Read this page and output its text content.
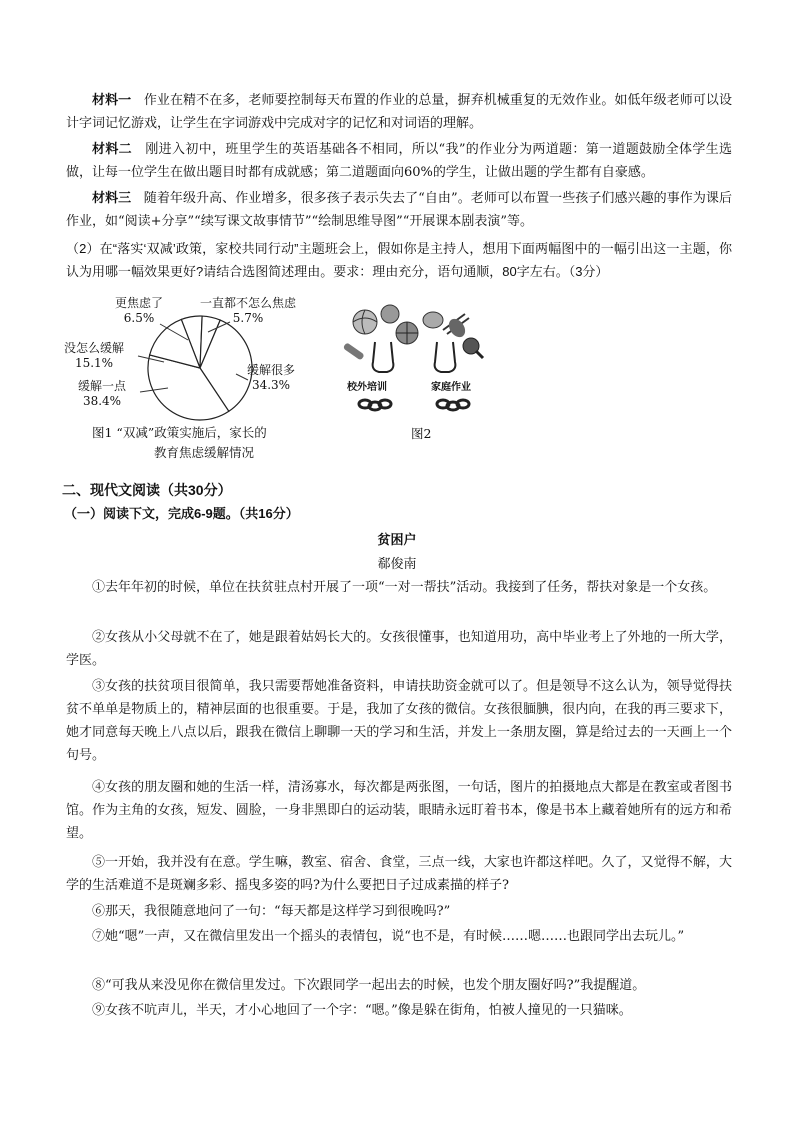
材料一 作业在精不在多，老师要控制每天布置的作业的总量，摒弃机械重复的无效作业。如低年级老师可以设计字词记忆游戏，让学生在字词游戏中完成对字的记忆和对词语的理解。

材料二 刚进入初中，班里学生的英语基础各不相同，所以“我”的作业分为两道题：第一道题鼓励全体学生选做，让每一位学生在做出题目时都有成就感；第二道题面向60%的学生，让做出题的学生都有自豪感。

材料三 随着年级升高、作业增多，很多孩子表示失去了“自由”。老师可以布置一些孩子们感兴趣的事作为课后作业，如“阅读+分享”“续写课文故事情节”“绘制思维导图”“开展课本剧表演”等。

（2）在“落实‘双减’政策，家校共同行动”主题班会上，假如你是主持人，想用下面两幅图中的一幅引出这一主题，你认为用哪一幅效果更好?请结合选图简述理由。要求：理由充分，语句通顺，80字左右。（3分）

更焦虑了
6.5%
一直都不怎么焦虑
5.7%
缓解很多
34.3%
缓解一点
38.4%
没怎么缓解
15.1%
图1 “双减”政策实施后，家长的
教育焦虑缓解情况
校外培训	家庭作业
图2
二、现代文阅读（共30分）
（一）阅读下文，完成6-9题。（共16分）
贫困户
郗俊南

①去年年初的时候，单位在扶贫驻点村开展了一项“一对一帮扶”活动。我接到了任务，帮扶对象是一个女孩。

②女孩从小父母就不在了，她是跟着姑妈长大的。女孩很懂事，也知道用功，高中毕业考上了外地的一所大学，学医。

③女孩的扶贫项目很简单，我只需要帮她准备资料，申请扶助资金就可以了。但是领导不这么认为，领导觉得扶贫不单单是物质上的，精神层面的也很重要。于是，我加了女孩的微信。女孩很腼腆，很内向，在我的再三要求下，她才同意每天晚上八点以后，跟我在微信上聊聊一天的学习和生活，并发上一条朋友圈，算是给过去的一天画上一个句号。

④女孩的朋友圈和她的生活一样，清汤寡水，每次都是两张图，一句话，图片的拍摄地点大都是在教室或者图书馆。作为主角的女孩，短发、圆脸，一身非黑即白的运动装，眼睛永远盯着书本，像是书本上藏着她所有的远方和希望。

⑤一开始，我并没有在意。学生嘛，教室、宿舍、食堂，三点一线，大家也许都这样吧。久了，又觉得不解，大学的生活难道不是斑斓多彩、摇曳多姿的吗?为什么要把日子过成素描的样子?

⑥那天，我很随意地问了一句：“每天都是这样学习到很晚吗?”

⑦她“嗯”一声，又在微信里发出一个摇头的表情包，说“也不是，有时候……嗯……也跟同学出去玩儿。”

⑧“可我从来没见你在微信里发过。下次跟同学一起出去的时候，也发个朋友圈好吗?”我提醒道。

⑨女孩不吭声儿，半天，才小心地回了一个字：“嗯。”像是躲在街角，怕被人撞见的一只猫咪。
